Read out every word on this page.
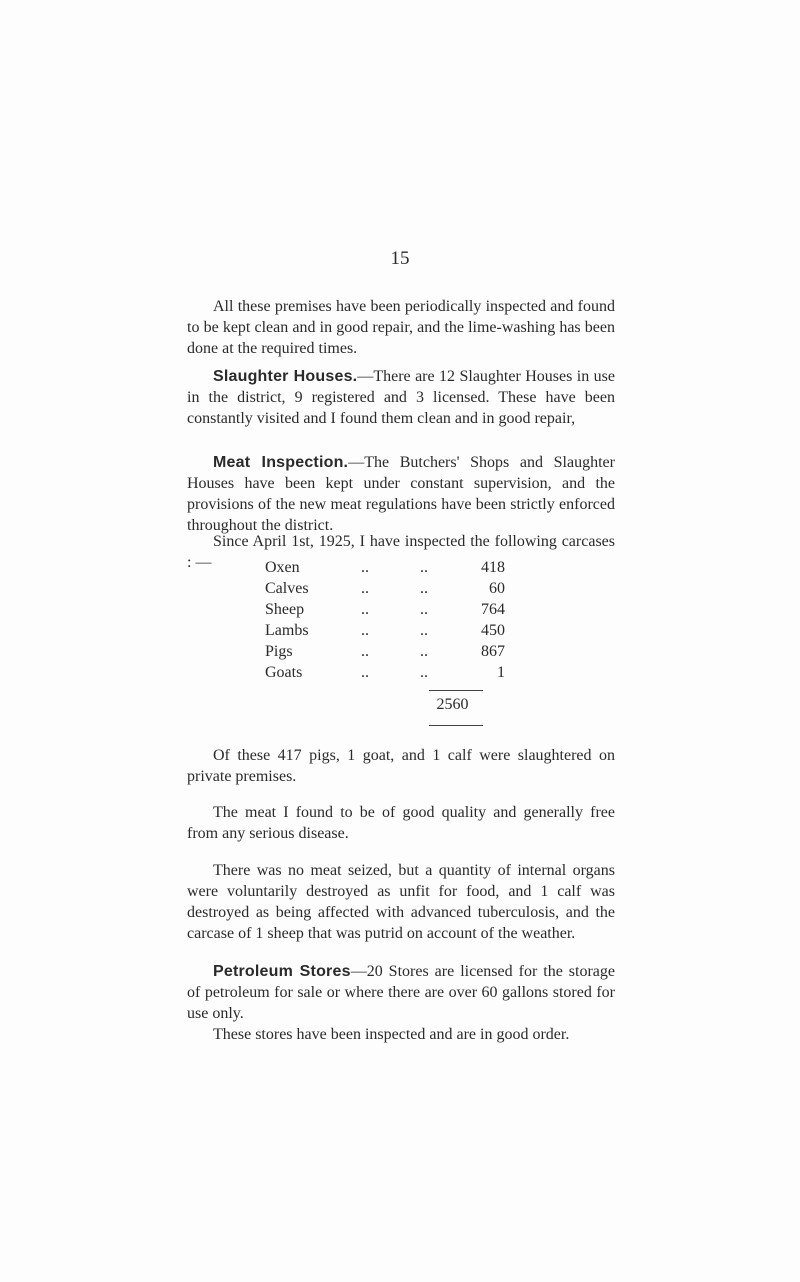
15

All these premises have been periodically inspected and found to be kept clean and in good repair, and the lime-washing has been done at the required times.

Slaughter Houses.—There are 12 Slaughter Houses in use in the district, 9 registered and 3 licensed. These have been constantly visited and I found them clean and in good repair,

Meat Inspection.—The Butchers' Shops and Slaughter Houses have been kept under constant supervision, and the provisions of the new meat regulations have been strictly enforced throughout the district.

Since April 1st, 1925, I have inspected the following carcases : —	Oxen	..	..	418
Calves	..	..	60
Sheep	..	..	764
Lambs	..	..	450
Pigs	..	..	867
Goats	..	..	1
2560

Of these 417 pigs, 1 goat, and 1 calf were slaughtered on private premises.

The meat I found to be of good quality and generally free from any serious disease.

There was no meat seized, but a quantity of internal organs were voluntarily destroyed as unfit for food, and 1 calf was destroyed as being affected with advanced tuberculosis, and the carcase of 1 sheep that was putrid on account of the weather.

Petroleum Stores—20 Stores are licensed for the storage of petroleum for sale or where there are over 60 gallons stored for use only.

These stores have been inspected and are in good order.
